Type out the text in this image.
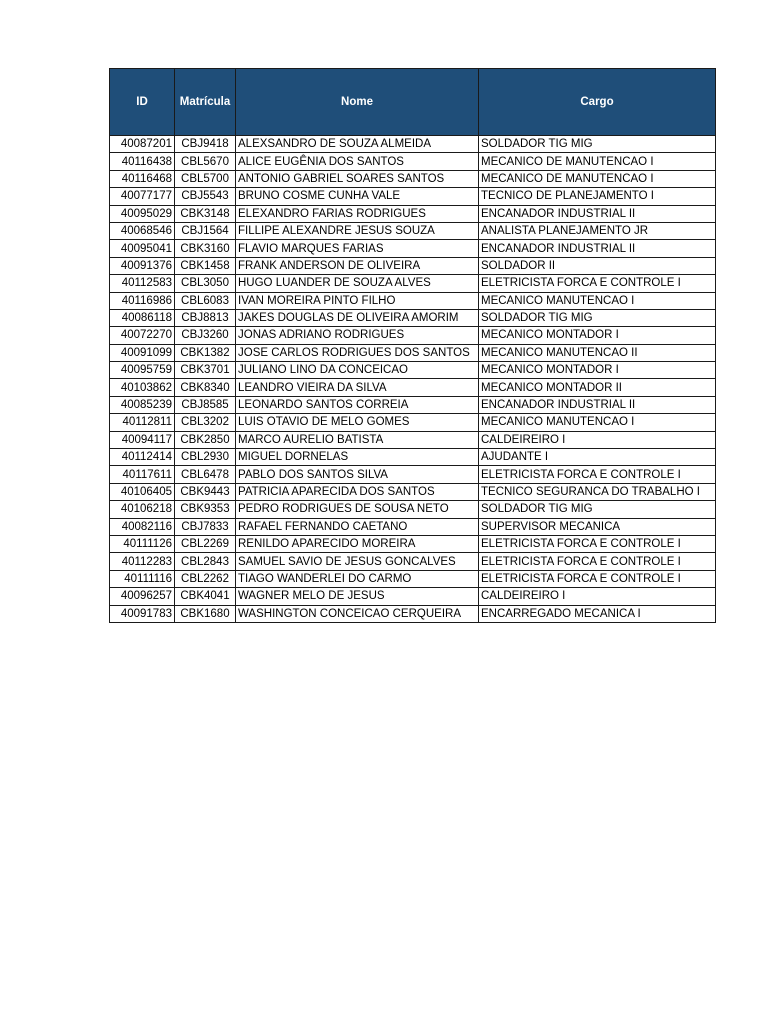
ID	Matrícula	Nome	Cargo
40087201	CBJ9418	ALEXSANDRO DE SOUZA ALMEIDA	SOLDADOR TIG MIG
40116438	CBL5670	ALICE EUGÊNIA DOS SANTOS	MECANICO DE MANUTENCAO I
40116468	CBL5700	ANTONIO GABRIEL SOARES SANTOS	MECANICO DE MANUTENCAO I
40077177	CBJ5543	BRUNO COSME CUNHA VALE	TECNICO DE PLANEJAMENTO I
40095029	CBK3148	ELEXANDRO FARIAS RODRIGUES	ENCANADOR INDUSTRIAL II
40068546	CBJ1564	FILLIPE ALEXANDRE JESUS SOUZA	ANALISTA PLANEJAMENTO JR
40095041	CBK3160	FLAVIO MARQUES FARIAS	ENCANADOR INDUSTRIAL II
40091376	CBK1458	FRANK ANDERSON DE OLIVEIRA	SOLDADOR II
40112583	CBL3050	HUGO LUANDER DE SOUZA ALVES	ELETRICISTA FORCA E CONTROLE I
40116986	CBL6083	IVAN MOREIRA PINTO FILHO	MECANICO MANUTENCAO I
40086118	CBJ8813	JAKES DOUGLAS DE OLIVEIRA AMORIM	SOLDADOR TIG MIG
40072270	CBJ3260	JONAS ADRIANO RODRIGUES	MECANICO MONTADOR I
40091099	CBK1382	JOSE CARLOS RODRIGUES DOS SANTOS	MECANICO MANUTENCAO II
40095759	CBK3701	JULIANO LINO DA CONCEICAO	MECANICO MONTADOR I
40103862	CBK8340	LEANDRO VIEIRA DA SILVA	MECANICO MONTADOR II
40085239	CBJ8585	LEONARDO SANTOS CORREIA	ENCANADOR INDUSTRIAL II
40112811	CBL3202	LUIS OTAVIO DE MELO GOMES	MECANICO MANUTENCAO I
40094117	CBK2850	MARCO AURELIO BATISTA	CALDEIREIRO I
40112414	CBL2930	MIGUEL DORNELAS	AJUDANTE I
40117611	CBL6478	PABLO DOS SANTOS SILVA	ELETRICISTA FORCA E CONTROLE I
40106405	CBK9443	PATRICIA APARECIDA DOS SANTOS	TECNICO SEGURANCA DO TRABALHO I
40106218	CBK9353	PEDRO RODRIGUES DE SOUSA NETO	SOLDADOR TIG MIG
40082116	CBJ7833	RAFAEL FERNANDO CAETANO	SUPERVISOR MECANICA
40111126	CBL2269	RENILDO APARECIDO MOREIRA	ELETRICISTA FORCA E CONTROLE I
40112283	CBL2843	SAMUEL SAVIO DE JESUS GONCALVES	ELETRICISTA FORCA E CONTROLE I
40111116	CBL2262	TIAGO WANDERLEI DO CARMO	ELETRICISTA FORCA E CONTROLE I
40096257	CBK4041	WAGNER MELO DE JESUS	CALDEIREIRO I
40091783	CBK1680	WASHINGTON CONCEICAO CERQUEIRA	ENCARREGADO MECANICA I
